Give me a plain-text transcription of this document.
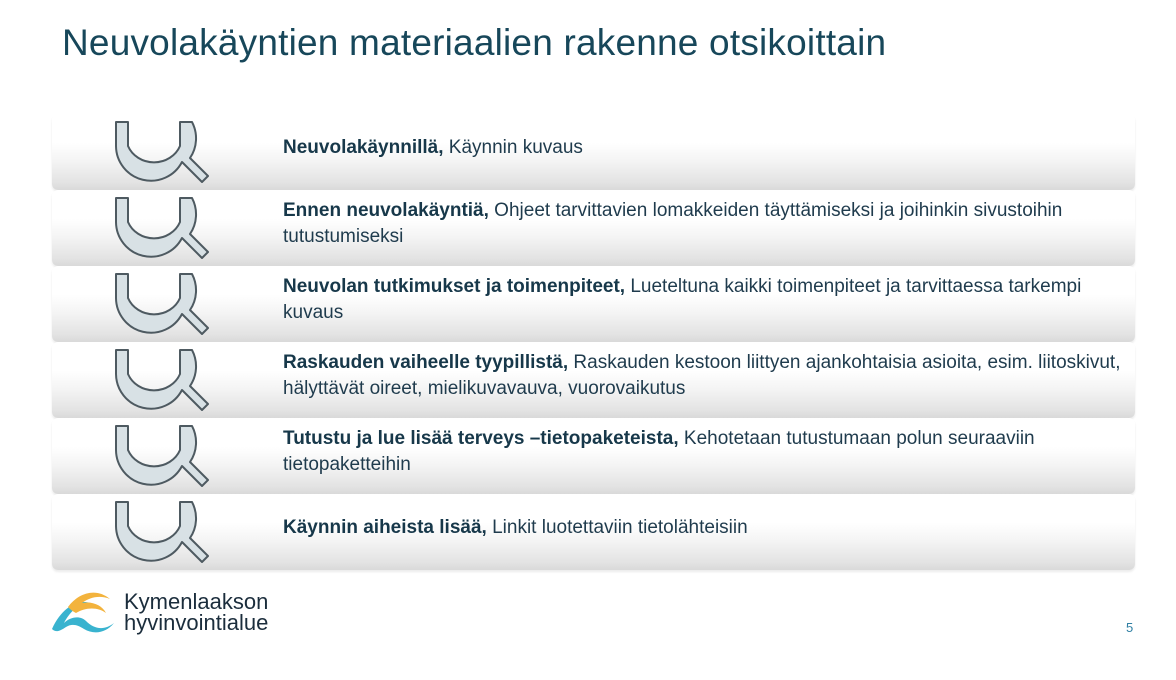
Neuvolakäyntien materiaalien rakenne otsikoittain
Neuvolakäynnillä, Käynnin kuvaus
Ennen neuvolakäyntiä, Ohjeet tarvittavien lomakkeiden täyttämiseksi ja joihinkin sivustoihin tutustumiseksi
Neuvolan tutkimukset ja toimenpiteet, Lueteltuna kaikki toimenpiteet ja tarvittaessa tarkempi kuvaus
Raskauden vaiheelle tyypillistä, Raskauden kestoon liittyen ajankohtaisia asioita, esim. liitoskivut, hälyttävät oireet, mielikuvavauva, vuorovaikutus
Tutustu ja lue lisää terveys –tietopaketeista, Kehotetaan tutustumaan polun seuraaviin tietopaketteihin
Käynnin aiheista lisää, Linkit luotettaviin tietolähteisiin
Kymenlaakson
hyvinvointialue	5
